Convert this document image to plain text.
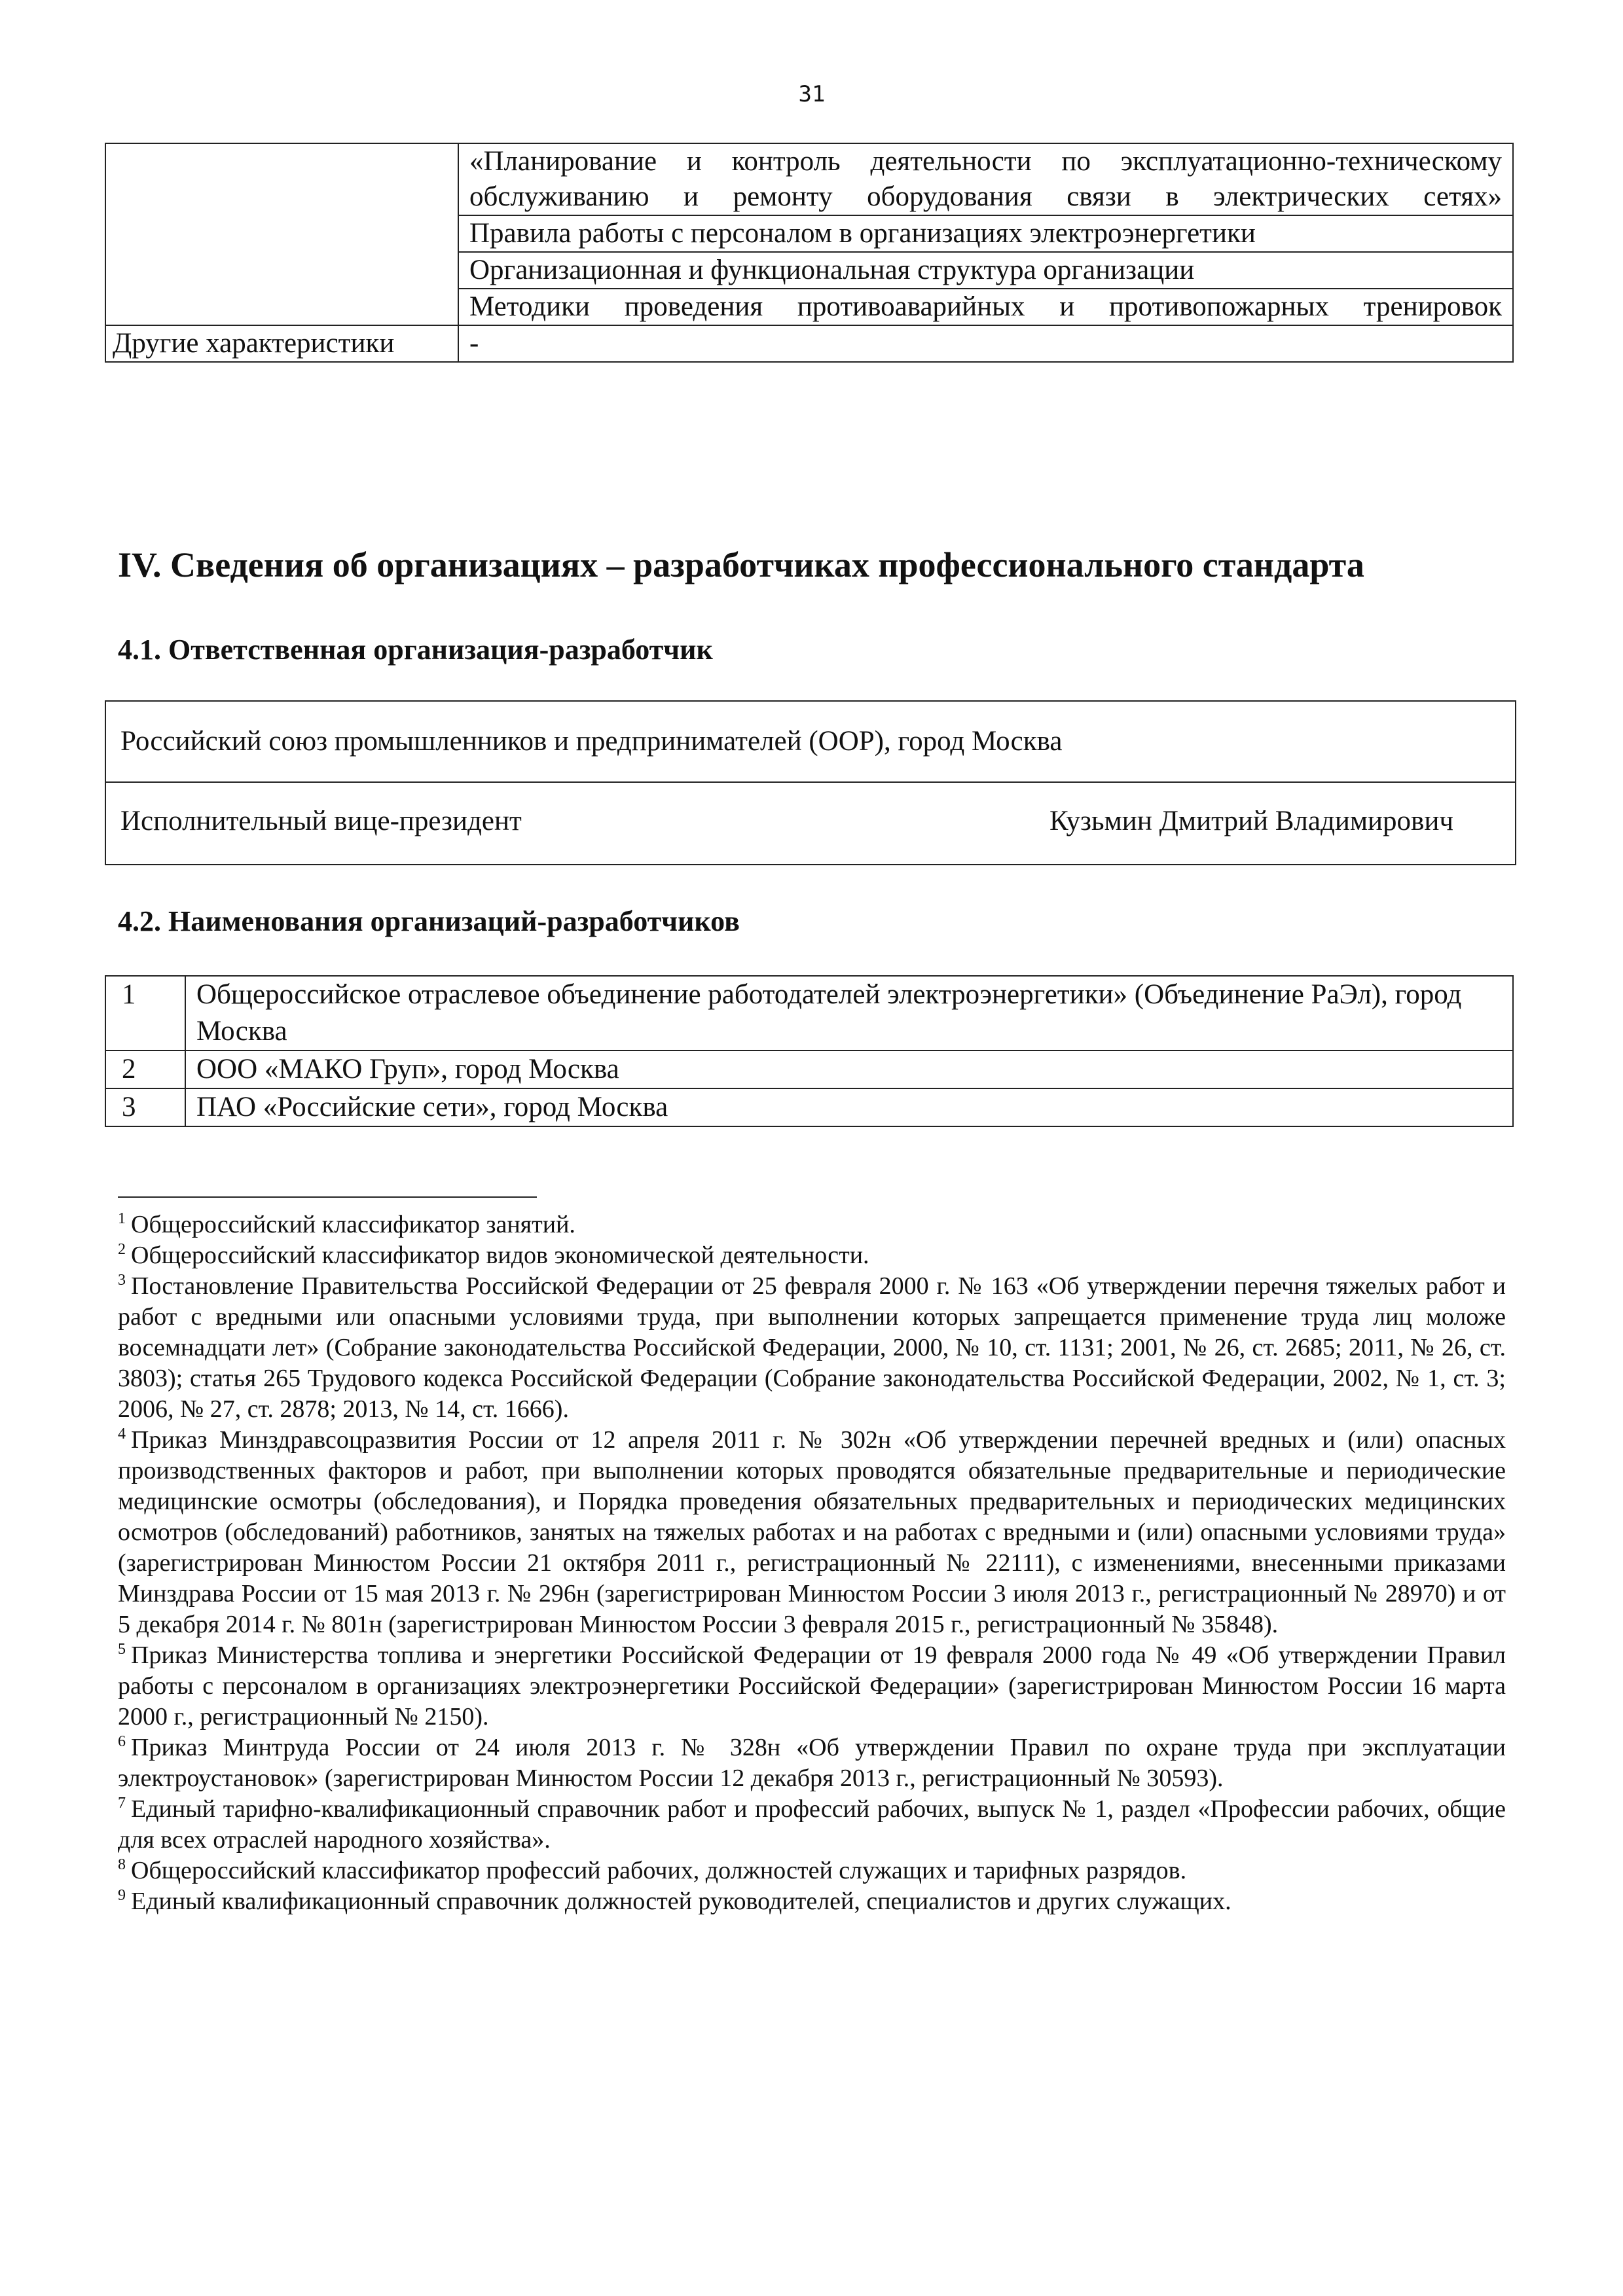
31
	«Планирование и контроль деятельности по эксплуатационно-техническому обслуживанию и ремонту оборудования связи в электрических сетях»
	Правила работы с персоналом в организациях электроэнергетики
	Организационная и функциональная структура организации
	Методики проведения противоаварийных и противопожарных тренировок
Другие характеристики	-
IV. Сведения об организациях – разработчиках профессионального стандарта
4.1. Ответственная организация-разработчик
Российский союз промышленников и предпринимателей (ООР), город Москва
Исполнительный вице-президент	Кузьмин Дмитрий Владимирович
4.2. Наименования организаций-разработчиков
1	Общероссийское отраслевое объединение работодателей электроэнергетики» (Объединение РаЭл), город Москва
2	ООО «МАКО Груп», город Москва
3	ПАО «Российские сети», город Москва

$^1$ Общероссийский классификатор занятий.

$^2$ Общероссийский классификатор видов экономической деятельности.

$^3$ Постановление Правительства Российской Федерации от 25 февраля 2000 г. № 163 «Об утверждении перечня тяжелых работ и работ с вредными или опасными условиями труда, при выполнении которых запрещается применение труда лиц моложе восемнадцати лет» (Собрание законодательства Российской Федерации, 2000, № 10, ст. 1131; 2001, № 26, ст. 2685; 2011, № 26, ст. 3803); статья 265 Трудового кодекса Российской Федерации (Собрание законодательства Российской Федерации, 2002, № 1, ст. 3; 2006, № 27, ст. 2878; 2013, № 14, ст. 1666).

$^4$ Приказ Минздравсоцразвития России от 12 апреля 2011 г. № 302н «Об утверждении перечней вредных и (или) опасных производственных факторов и работ, при выполнении которых проводятся обязательные предварительные и периодические медицинские осмотры (обследования), и Порядка проведения обязательных предварительных и периодических медицинских осмотров (обследований) работников, занятых на тяжелых работах и на работах с вредными и (или) опасными условиями труда» (зарегистрирован Минюстом России 21 октября 2011 г., регистрационный № 22111), с изменениями, внесенными приказами Минздрава России от 15 мая 2013 г. № 296н (зарегистрирован Минюстом России 3 июля 2013 г., регистрационный № 28970) и от 5 декабря 2014 г. № 801н (зарегистрирован Минюстом России 3 февраля 2015 г., регистрационный № 35848).

$^5$ Приказ Министерства топлива и энергетики Российской Федерации от 19 февраля 2000 года № 49 «Об утверждении Правил работы с персоналом в организациях электроэнергетики Российской Федерации» (зарегистрирован Минюстом России 16 марта 2000 г., регистрационный № 2150).

$^6$ Приказ Минтруда России от 24 июля 2013 г. № 328н «Об утверждении Правил по охране труда при эксплуатации электроустановок» (зарегистрирован Минюстом России 12 декабря 2013 г., регистрационный № 30593).

$^7$ Единый тарифно-квалификационный справочник работ и профессий рабочих, выпуск № 1, раздел «Профессии рабочих, общие для всех отраслей народного хозяйства».

$^8$ Общероссийский классификатор профессий рабочих, должностей служащих и тарифных разрядов.

$^9$ Единый квалификационный справочник должностей руководителей, специалистов и других служащих.
